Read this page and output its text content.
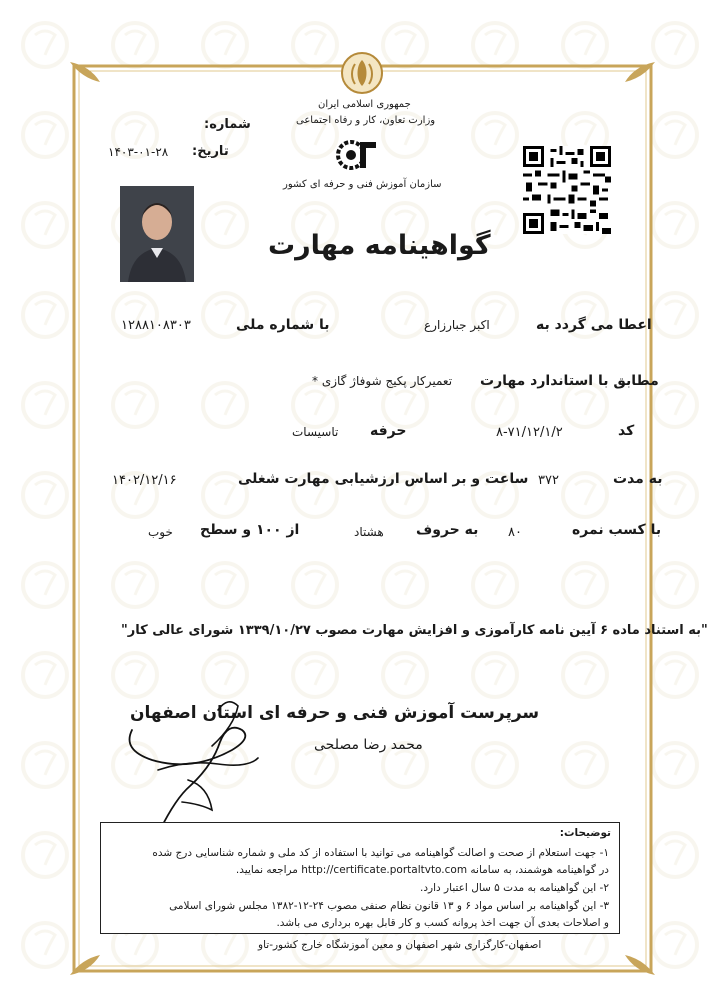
جمهوری اسلامی ایران
وزارت تعاون، کار و رفاه اجتماعی
سازمان آموزش فنی و حرفه ای کشور
شماره:
تاریخ:
۱۴۰۳-۰۱-۲۸
گواهینامه مهارت
اعطا می گردد به
اکبر جبارزارع
با شماره ملی
۱۲۸۸۱۰۸۳۰۳
مطابق با استاندارد مهارت
تعمیرکار پکیج شوفاژ گازی *
کد
۸-۷۱/۱۲/۱/۲
حرفه
تاسیسات
به مدت
۳۷۲
ساعت و بر اساس ارزشیابی مهارت شغلی
۱۴۰۲/۱۲/۱۶
با کسب نمره
۸۰
به حروف
هشتاد
از ۱۰۰ و سطح
خوب
"به استناد ماده ۶ آیین نامه کارآموزی و افزایش مهارت مصوب ۱۳۳۹/۱۰/۲۷ شورای عالی کار"
سرپرست آموزش فنی و حرفه ای استان اصفهان
محمد رضا مصلحی
توضیحات:
۱- جهت استعلام از صحت و اصالت گواهینامه می توانید با استفاده از کد ملی و شماره شناسایی درج شده
در گواهینامه هوشمند، به سامانه http://certificate.portaltvto.com مراجعه نمایید.
۲- این گواهینامه به مدت ۵ سال اعتبار دارد.
۳- این گواهینامه بر اساس مواد ۶ و ۱۳ قانون نظام صنفی مصوب ۲۴-۱۲-۱۳۸۲ مجلس شورای اسلامی
و اصلاحات بعدی آن جهت اخذ پروانه کسب و کار قابل بهره برداری می باشد.
اصفهان-کارگزاری شهر اصفهان و معین آموزشگاه خارج کشور-تاو
